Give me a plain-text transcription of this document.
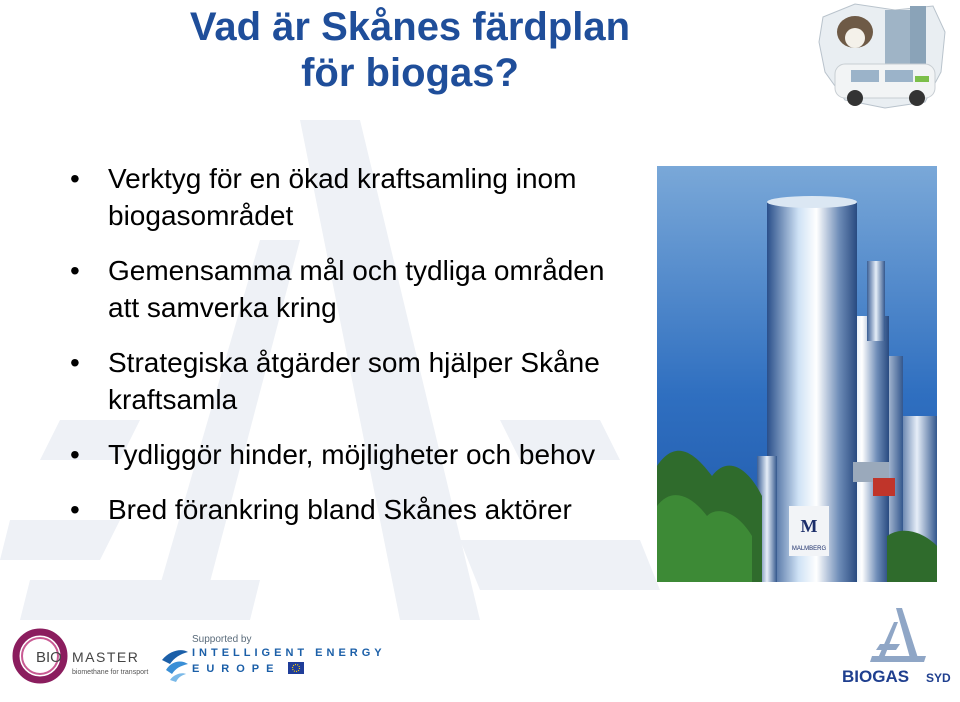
Vad är Skånes färdplan
för biogas?
• Verktyg för en ökad kraftsamling inom biogasområdet
• Gemensamma mål och tydliga områden att samverka kring
• Strategiska åtgärder som hjälper Skåne kraftsamla
• Tydliggör hinder, möjligheter och behov
• Bred förankring bland Skånes aktörer
M
MALMBERG
BIO MASTER
biomethane for transport
Supported by
INTELLIGENT ENERGY
EUROPE	BIOGAS SYD
